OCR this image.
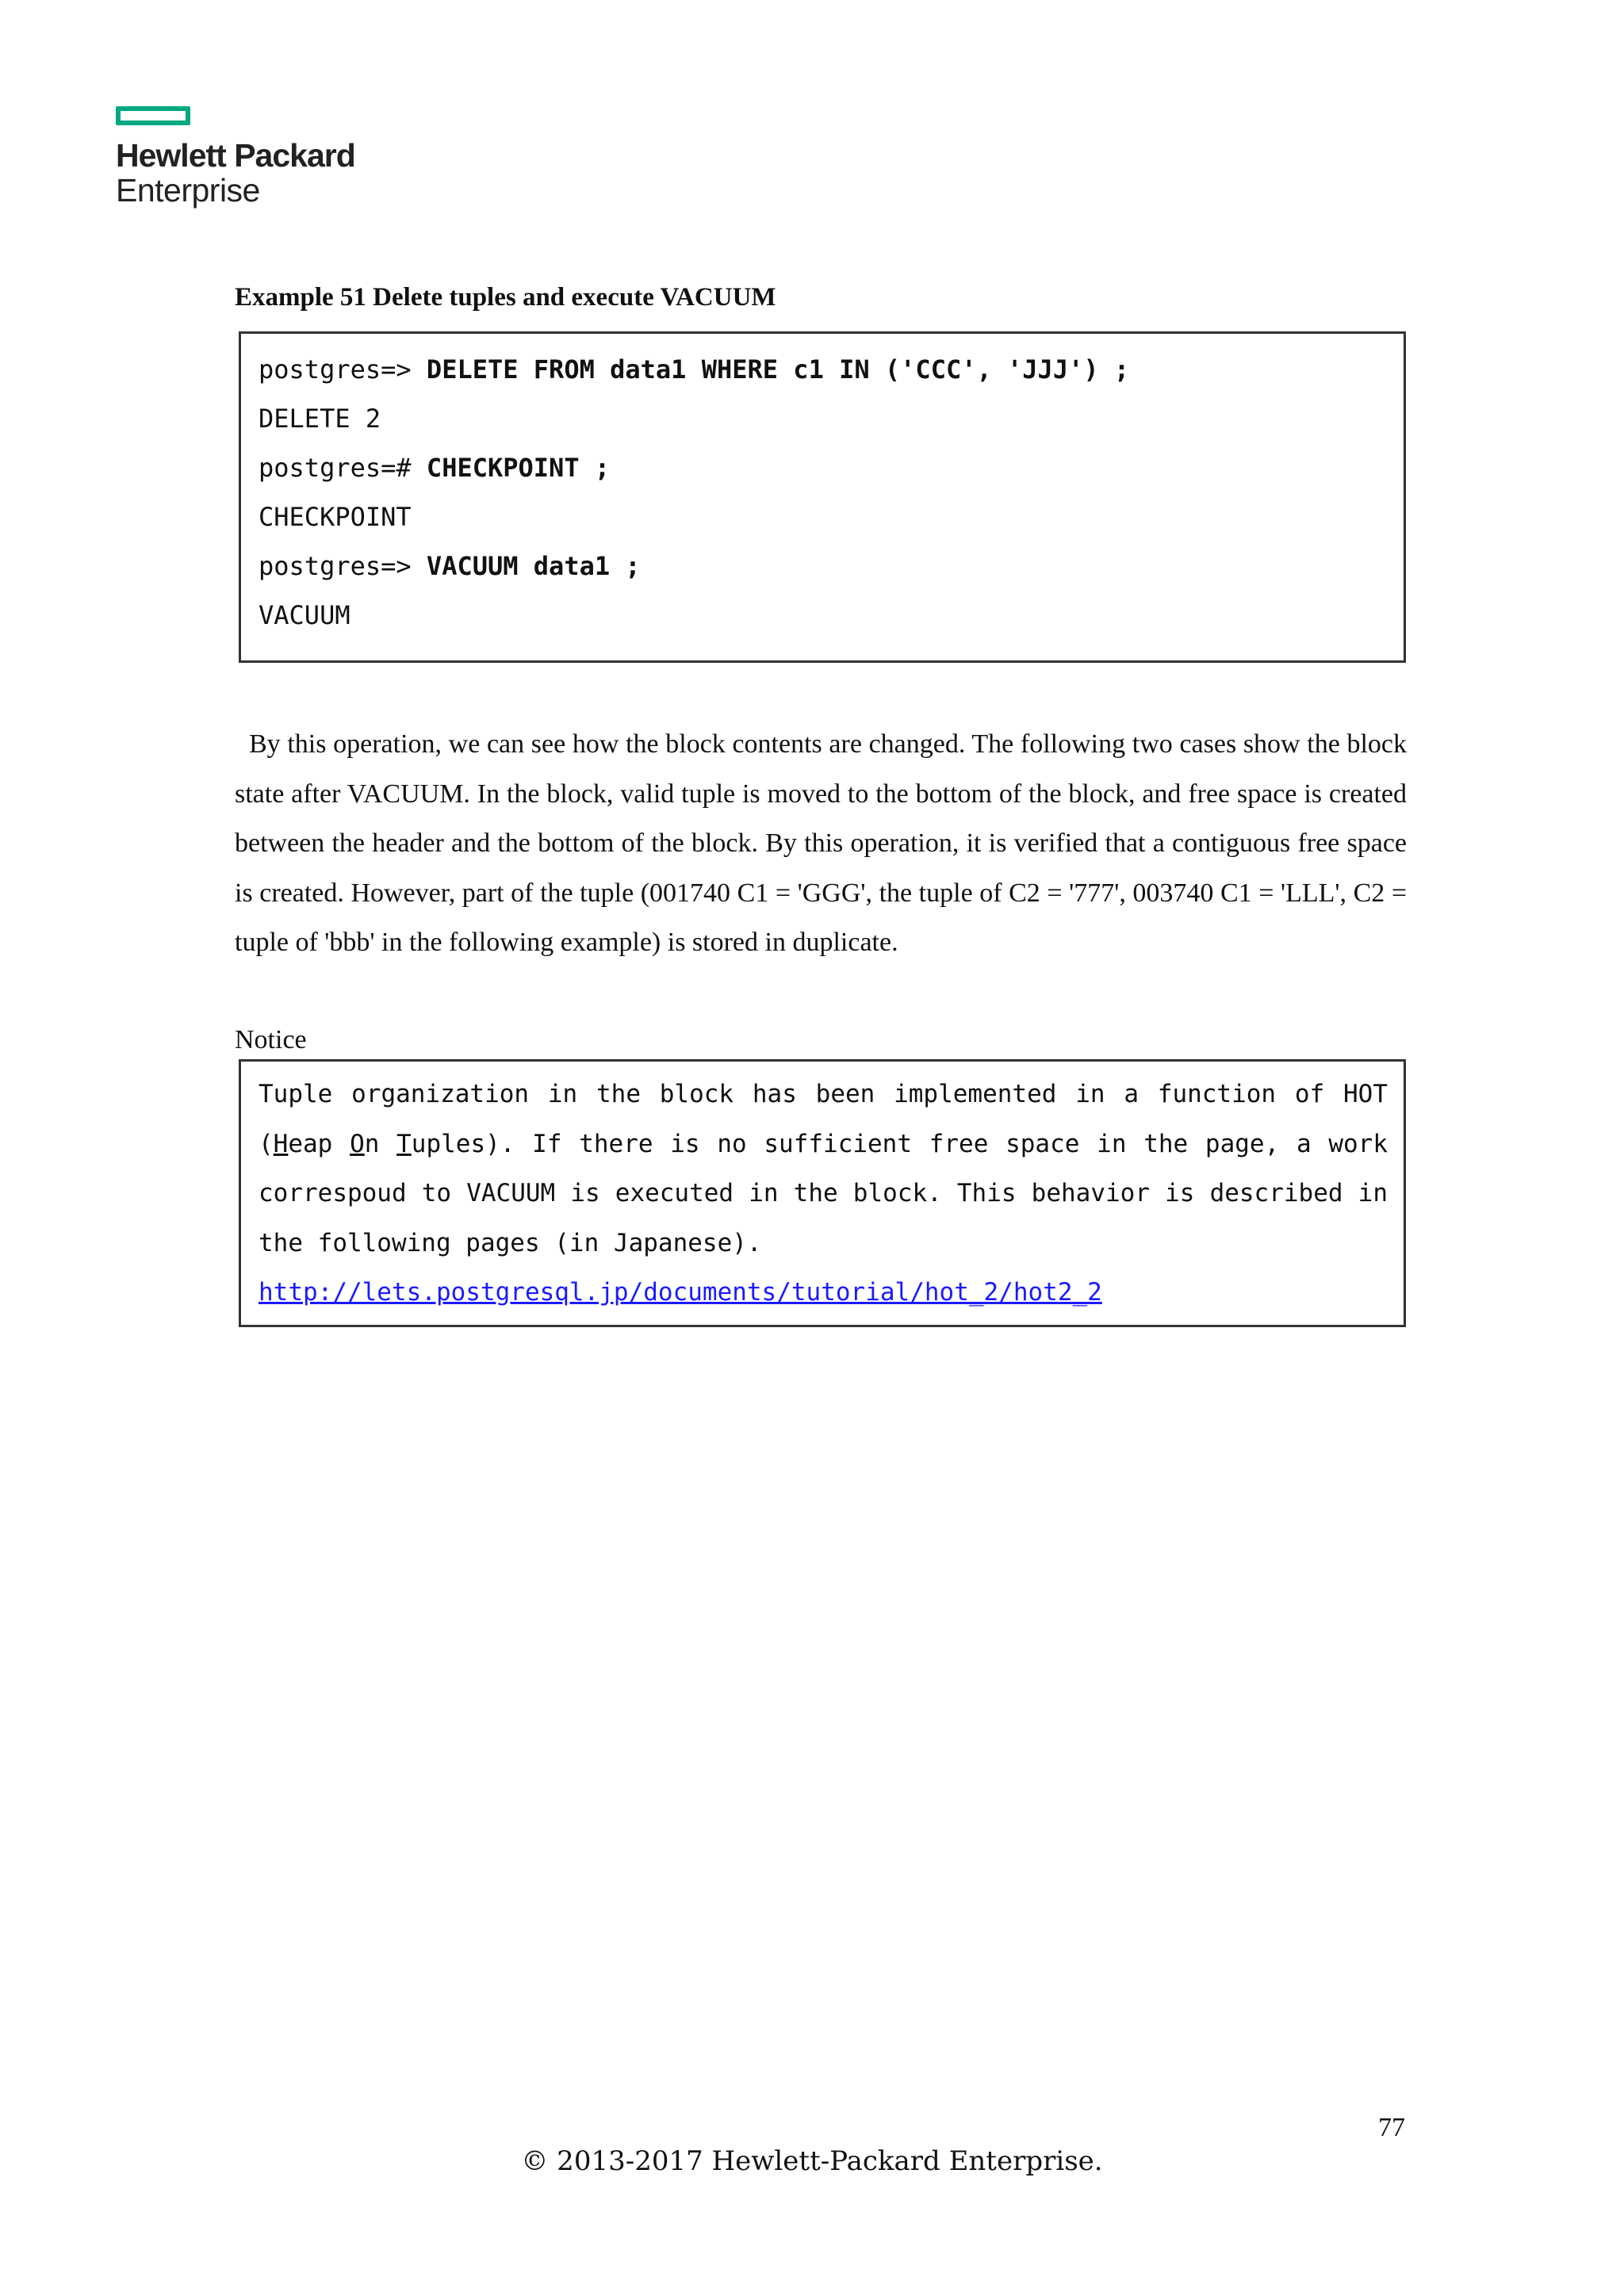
Hewlett Packard
Enterprise
Example 51 Delete tuples and execute VACUUM
postgres=> DELETE FROM data1 WHERE c1 IN ('CCC', 'JJJ') ;
DELETE 2
postgres=# CHECKPOINT ;
CHECKPOINT
postgres=> VACUUM data1 ;
VACUUM

By this operation, we can see how the block contents are changed. The following two cases show the block state after VACUUM. In the block, valid tuple is moved to the bottom of the block, and free space is created between the header and the bottom of the block. By this operation, it is verified that a contiguous free space is created. However, part of the tuple (001740 C1 = 'GGG', the tuple of C2 = '777', 003740 C1 = 'LLL', C2 = tuple of 'bbb' in the following example) is stored in duplicate.

Notice

Tuple organization in the block has been implemented in a function of HOT (Heap On Tuples). If there is no sufficient free space in the page, a work correspoud to VACUUM is executed in the block. This behavior is described in the following pages (in Japanese).

http://lets.postgresql.jp/documents/tutorial/hot_2/hot2_2
77
© 2013-2017 Hewlett-Packard Enterprise.
